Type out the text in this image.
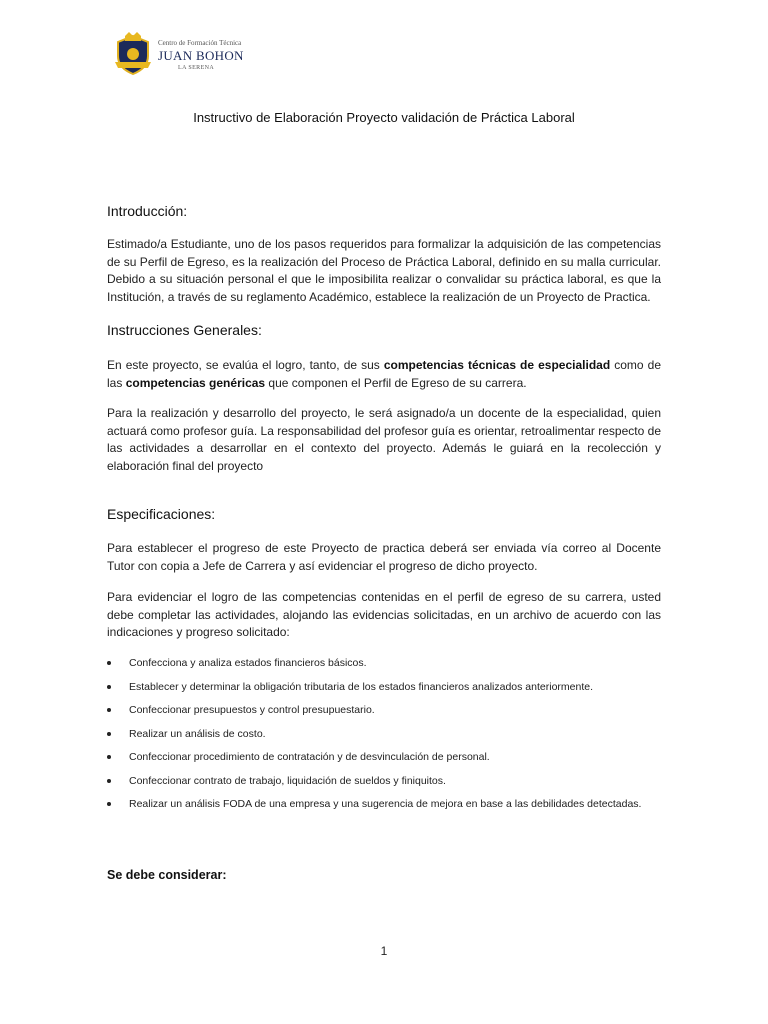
Centro de Formación Técnica
JUAN BOHON
LA SERENA
Instructivo de Elaboración Proyecto validación de Práctica Laboral
Introducción:

Estimado/a Estudiante, uno de los pasos requeridos para formalizar la adquisición de las competencias de su Perfil de Egreso, es la realización del Proceso de Práctica Laboral, definido en su malla curricular. Debido a su situación personal el que le imposibilita realizar o convalidar su práctica laboral, es que la Institución, a través de su reglamento Académico, establece la realización de un Proyecto de Practica.

Instrucciones Generales:

En este proyecto, se evalúa el logro, tanto, de sus competencias técnicas de especialidad como de las competencias genéricas que componen el Perfil de Egreso de su carrera.

Para la realización y desarrollo del proyecto, le será asignado/a un docente de la especialidad, quien actuará como profesor guía. La responsabilidad del profesor guía es orientar, retroalimentar respecto de las actividades a desarrollar en el contexto del proyecto. Además le guiará en la recolección y elaboración final del proyecto

Especificaciones:

Para establecer el progreso de este Proyecto de practica deberá ser enviada vía correo al Docente Tutor con copia a Jefe de Carrera y así evidenciar el progreso de dicho proyecto.

Para evidenciar el logro de las competencias contenidas en el perfil de egreso de su carrera, usted debe completar las actividades, alojando las evidencias solicitadas, en un archivo de acuerdo con las indicaciones y progreso solicitado:

Confecciona y analiza estados financieros básicos.
Establecer y determinar la obligación tributaria de los estados financieros analizados anteriormente.
Confeccionar presupuestos y control presupuestario.
Realizar un análisis de costo.
Confeccionar procedimiento de contratación y de desvinculación de personal.
Confeccionar contrato de trabajo, liquidación de sueldos y finiquitos.
Realizar un análisis FODA de una empresa y una sugerencia de mejora en base a las debilidades detectadas.

Se debe considerar:

1
